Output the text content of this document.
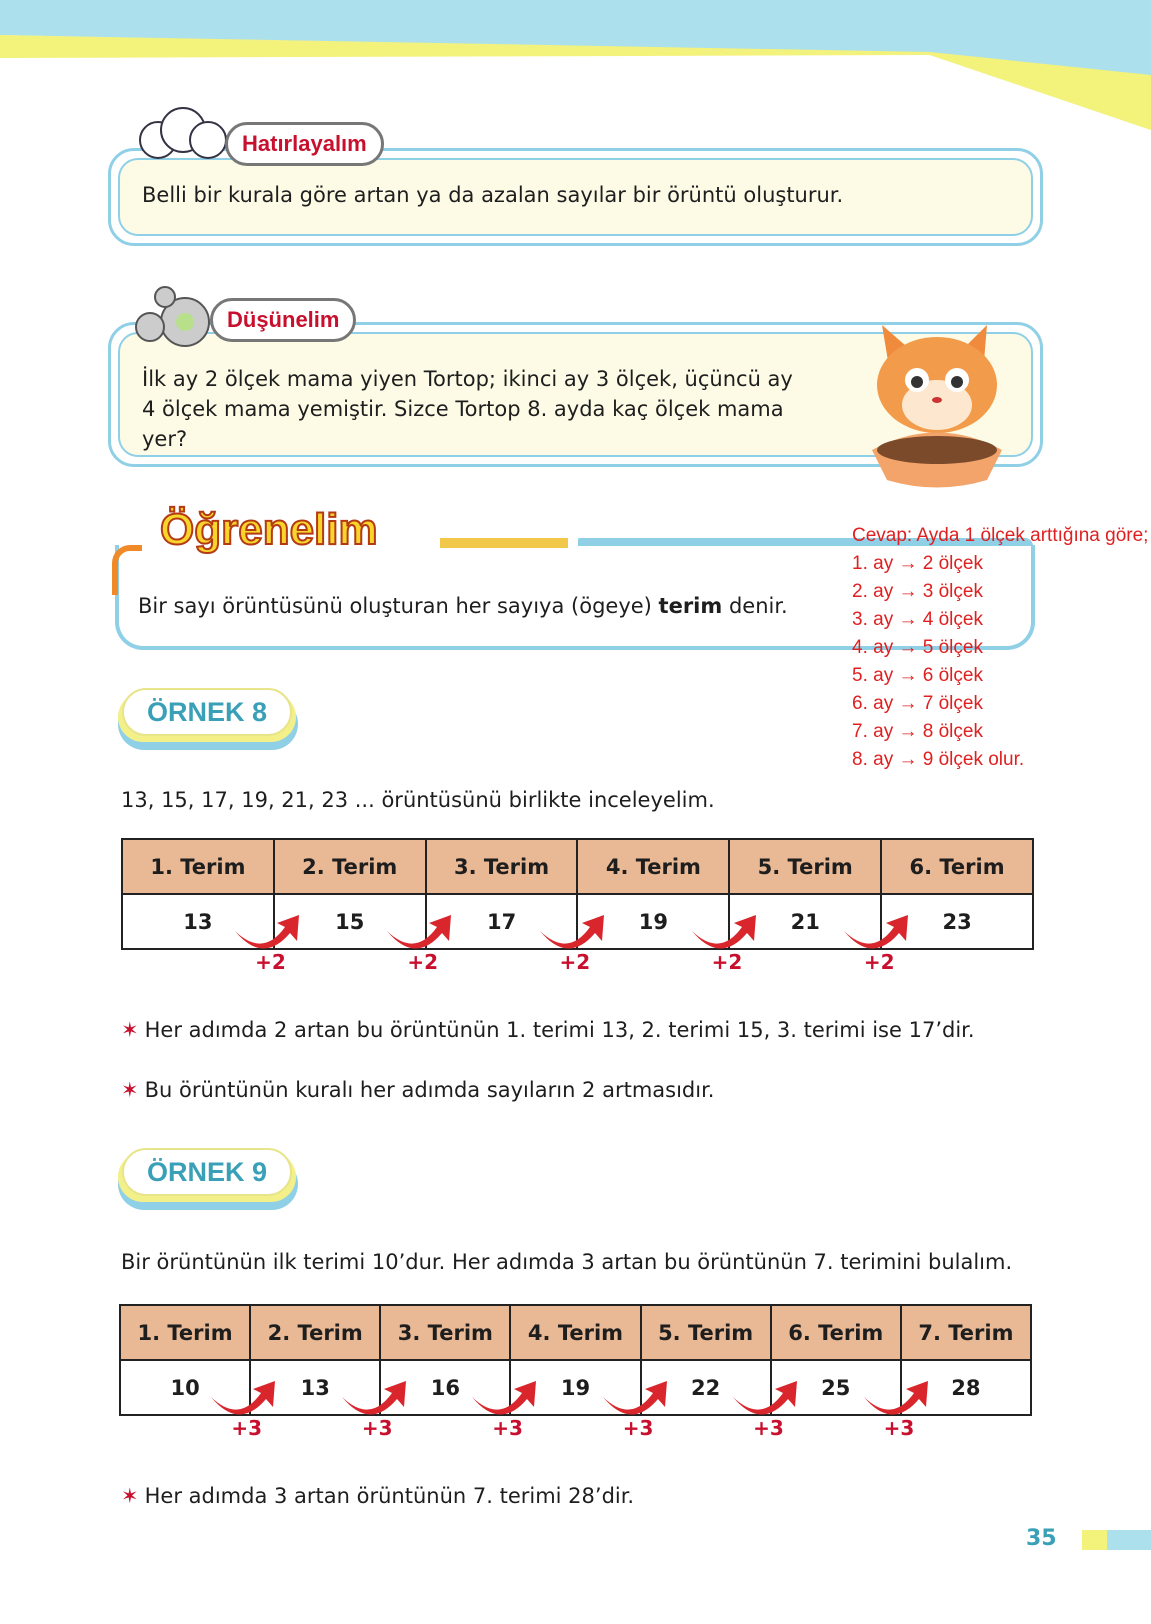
Belli bir kurala göre artan ya da azalan sayılar bir örüntü oluşturur.
Hatırlayalım
İlk ay 2 ölçek mama yiyen Tortop; ikinci ay 3 ölçek, üçüncü ay 4 ölçek mama yemiştir. Sizce Tortop 8. ayda kaç ölçek mama yer?
Düşünelim
Öğrenelim
Bir sayı örüntüsünü oluşturan her sayıya (ögeye) terim denir.
Cevap: Ayda 1 ölçek arttığına göre;
1. ay → 2 ölçek
2. ay → 3 ölçek
3. ay → 4 ölçek
4. ay → 5 ölçek
5. ay → 6 ölçek
6. ay → 7 ölçek
7. ay → 8 ölçek
8. ay → 9 ölçek olur.
ÖRNEK 8
13, 15, 17, 19, 21, 23 ... örüntüsünü birlikte inceleyelim.
1. Terim	2. Terim	3. Terim	4. Terim	5. Terim	6. Terim
13	15	17	19	21	23
+2	+2	+2	+2	+2
✶ Her adımda 2 artan bu örüntünün 1. terimi 13, 2. terimi 15, 3. terimi ise 17’dir.
✶ Bu örüntünün kuralı her adımda sayıların 2 artmasıdır.
ÖRNEK 9
Bir örüntünün ilk terimi 10’dur. Her adımda 3 artan bu örüntünün 7. terimini bulalım.
1. Terim	2. Terim	3. Terim	4. Terim	5. Terim	6. Terim	7. Terim
10	13	16	19	22	25	28
+3	+3	+3	+3	+3	+3
✶ Her adımda 3 artan örüntünün 7. terimi 28’dir.
35
